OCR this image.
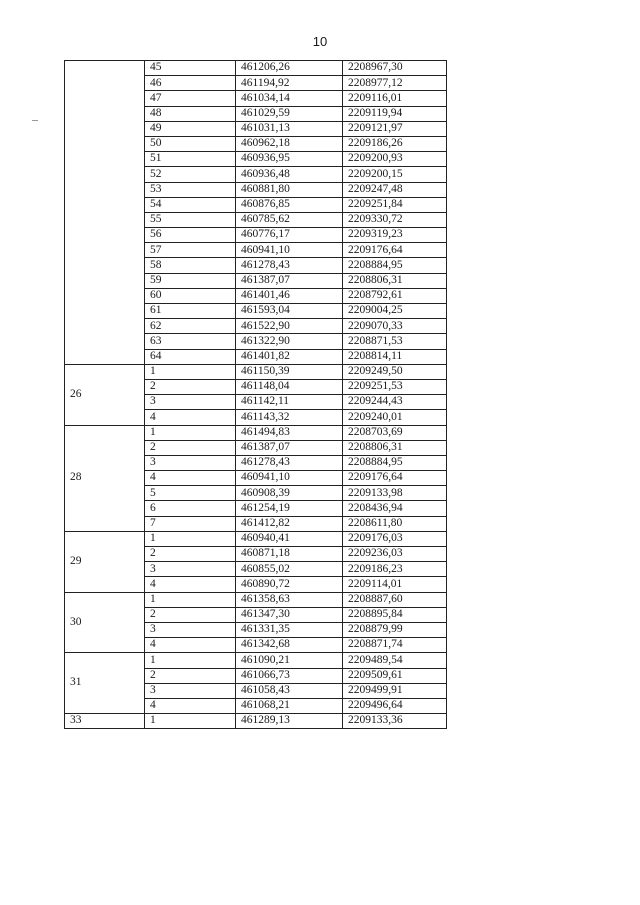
10
	45	461206,26	2208967,30
	46	461194,92	2208977,12
	47	461034,14	2209116,01
	48	461029,59	2209119,94
	49	461031,13	2209121,97
	50	460962,18	2209186,26
	51	460936,95	2209200,93
	52	460936,48	2209200,15
	53	460881,80	2209247,48
	54	460876,85	2209251,84
	55	460785,62	2209330,72
	56	460776,17	2209319,23
	57	460941,10	2209176,64
	58	461278,43	2208884,95
	59	461387,07	2208806,31
	60	461401,46	2208792,61
	61	461593,04	2209004,25
	62	461522,90	2209070,33
	63	461322,90	2208871,53
	64	461401,82	2208814,11
26	1	461150,39	2209249,50
	2	461148,04	2209251,53
	3	461142,11	2209244,43
	4	461143,32	2209240,01
28	1	461494,83	2208703,69
	2	461387,07	2208806,31
	3	461278,43	2208884,95
	4	460941,10	2209176,64
	5	460908,39	2209133,98
	6	461254,19	2208436,94
	7	461412,82	2208611,80
29	1	460940,41	2209176,03
	2	460871,18	2209236,03
	3	460855,02	2209186,23
	4	460890,72	2209114,01
30	1	461358,63	2208887,60
	2	461347,30	2208895,84
	3	461331,35	2208879,99
	4	461342,68	2208871,74
31	1	461090,21	2209489,54
	2	461066,73	2209509,61
	3	461058,43	2209499,91
	4	461068,21	2209496,64
33	1	461289,13	2209133,36
